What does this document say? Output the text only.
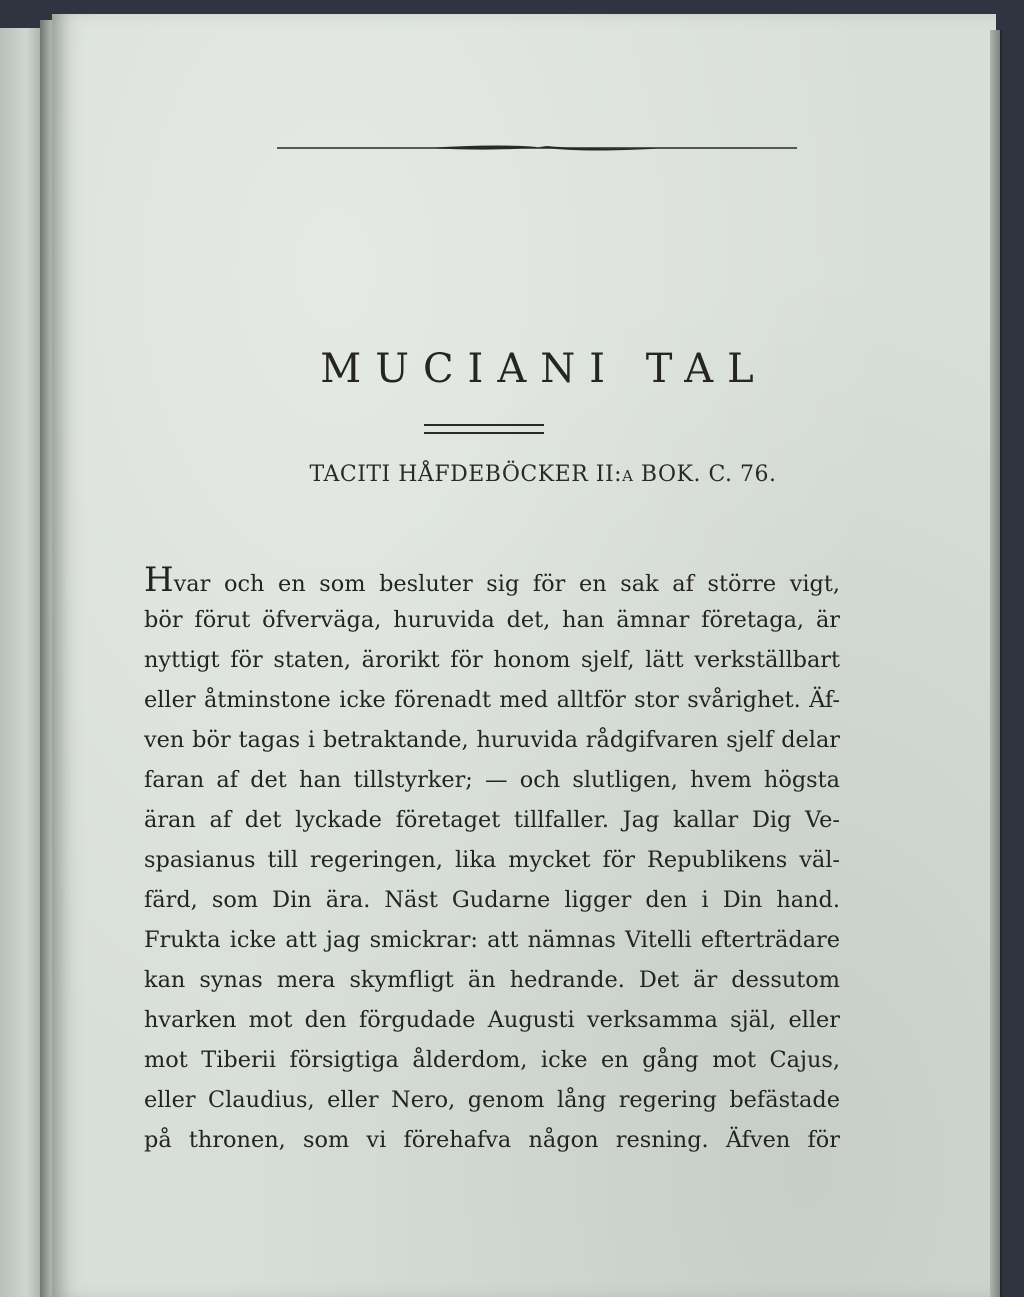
MUCIANI TAL
TACITI HÅFDEBÖCKER II:A BOK. C. 76.
Hvar och en som besluter sig för en sak af större vigt,
bör förut öfverväga, huruvida det, han ämnar företaga, är
nyttigt för staten, ärorikt för honom sjelf, lätt verkställbart
eller åtminstone icke förenadt med alltför stor svårighet. Äf-
ven bör tagas i betraktande, huruvida rådgifvaren sjelf delar
faran af det han tillstyrker; — och slutligen, hvem högsta
äran af det lyckade företaget tillfaller. Jag kallar Dig Ve-
spasianus till regeringen, lika mycket för Republikens väl-
färd, som Din ära. Näst Gudarne ligger den i Din hand.
Frukta icke att jag smickrar: att nämnas Vitelli efterträdare
kan synas mera skymfligt än hedrande. Det är dessutom
hvarken mot den förgudade Augusti verksamma själ, eller
mot Tiberii försigtiga ålderdom, icke en gång mot Cajus,
eller Claudius, eller Nero, genom lång regering befästade
på thronen, som vi förehafva någon resning. Äfven för
